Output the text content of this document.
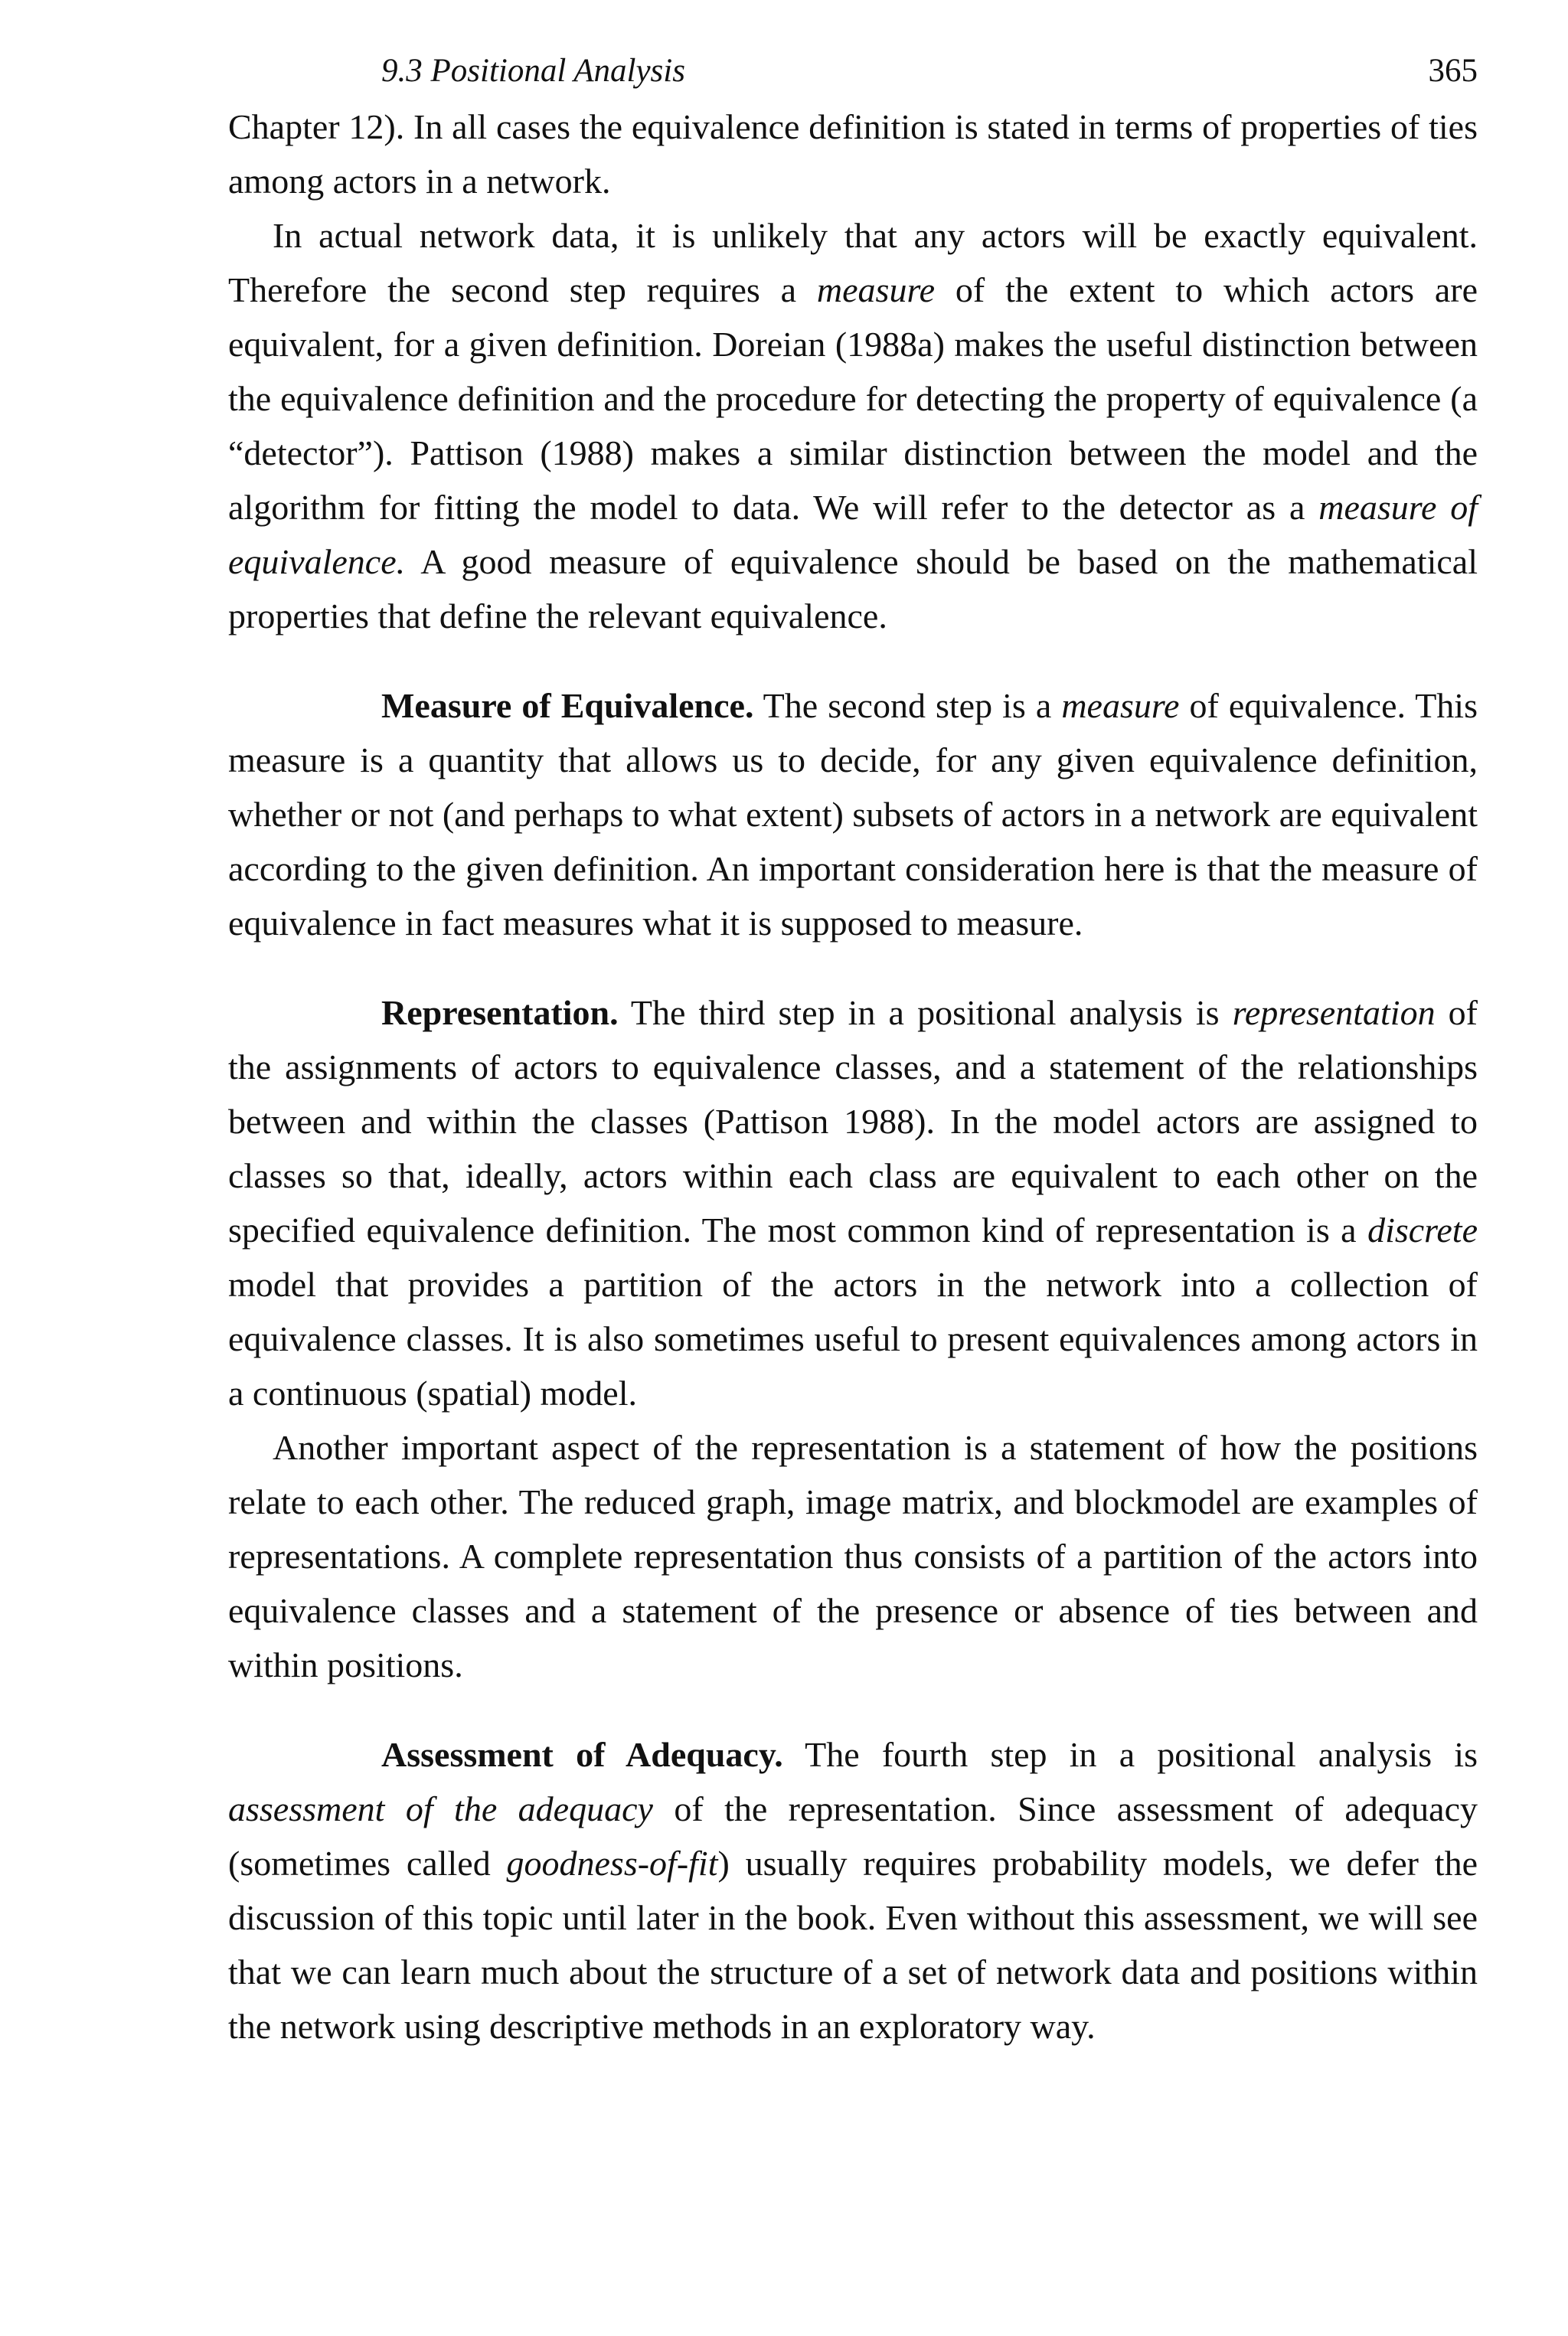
9.3 Positional Analysis	365

Chapter 12). In all cases the equivalence definition is stated in terms of properties of ties among actors in a network.

In actual network data, it is unlikely that any actors will be exactly equivalent. Therefore the second step requires a measure of the extent to which actors are equivalent, for a given definition. Doreian (1988a) makes the useful distinction between the equivalence definition and the procedure for detecting the property of equivalence (a “detector”). Pattison (1988) makes a similar distinction between the model and the algorithm for fitting the model to data. We will refer to the detector as a measure of equivalence. A good measure of equivalence should be based on the mathematical properties that define the relevant equivalence.

Measure of Equivalence. The second step is a measure of equivalence. This measure is a quantity that allows us to decide, for any given equivalence definition, whether or not (and perhaps to what extent) subsets of actors in a network are equivalent according to the given definition. An important consideration here is that the measure of equivalence in fact measures what it is supposed to measure.

Representation. The third step in a positional analysis is representation of the assignments of actors to equivalence classes, and a statement of the relationships between and within the classes (Pattison 1988). In the model actors are assigned to classes so that, ideally, actors within each class are equivalent to each other on the specified equivalence definition. The most common kind of representation is a discrete model that provides a partition of the actors in the network into a collection of equivalence classes. It is also sometimes useful to present equivalences among actors in a continuous (spatial) model.

Another important aspect of the representation is a statement of how the positions relate to each other. The reduced graph, image matrix, and blockmodel are examples of representations. A complete representation thus consists of a partition of the actors into equivalence classes and a statement of the presence or absence of ties between and within positions.

Assessment of Adequacy. The fourth step in a positional analysis is assessment of the adequacy of the representation. Since assessment of adequacy (sometimes called goodness-of-fit) usually requires probability models, we defer the discussion of this topic until later in the book. Even without this assessment, we will see that we can learn much about the structure of a set of network data and positions within the network using descriptive methods in an exploratory way.
